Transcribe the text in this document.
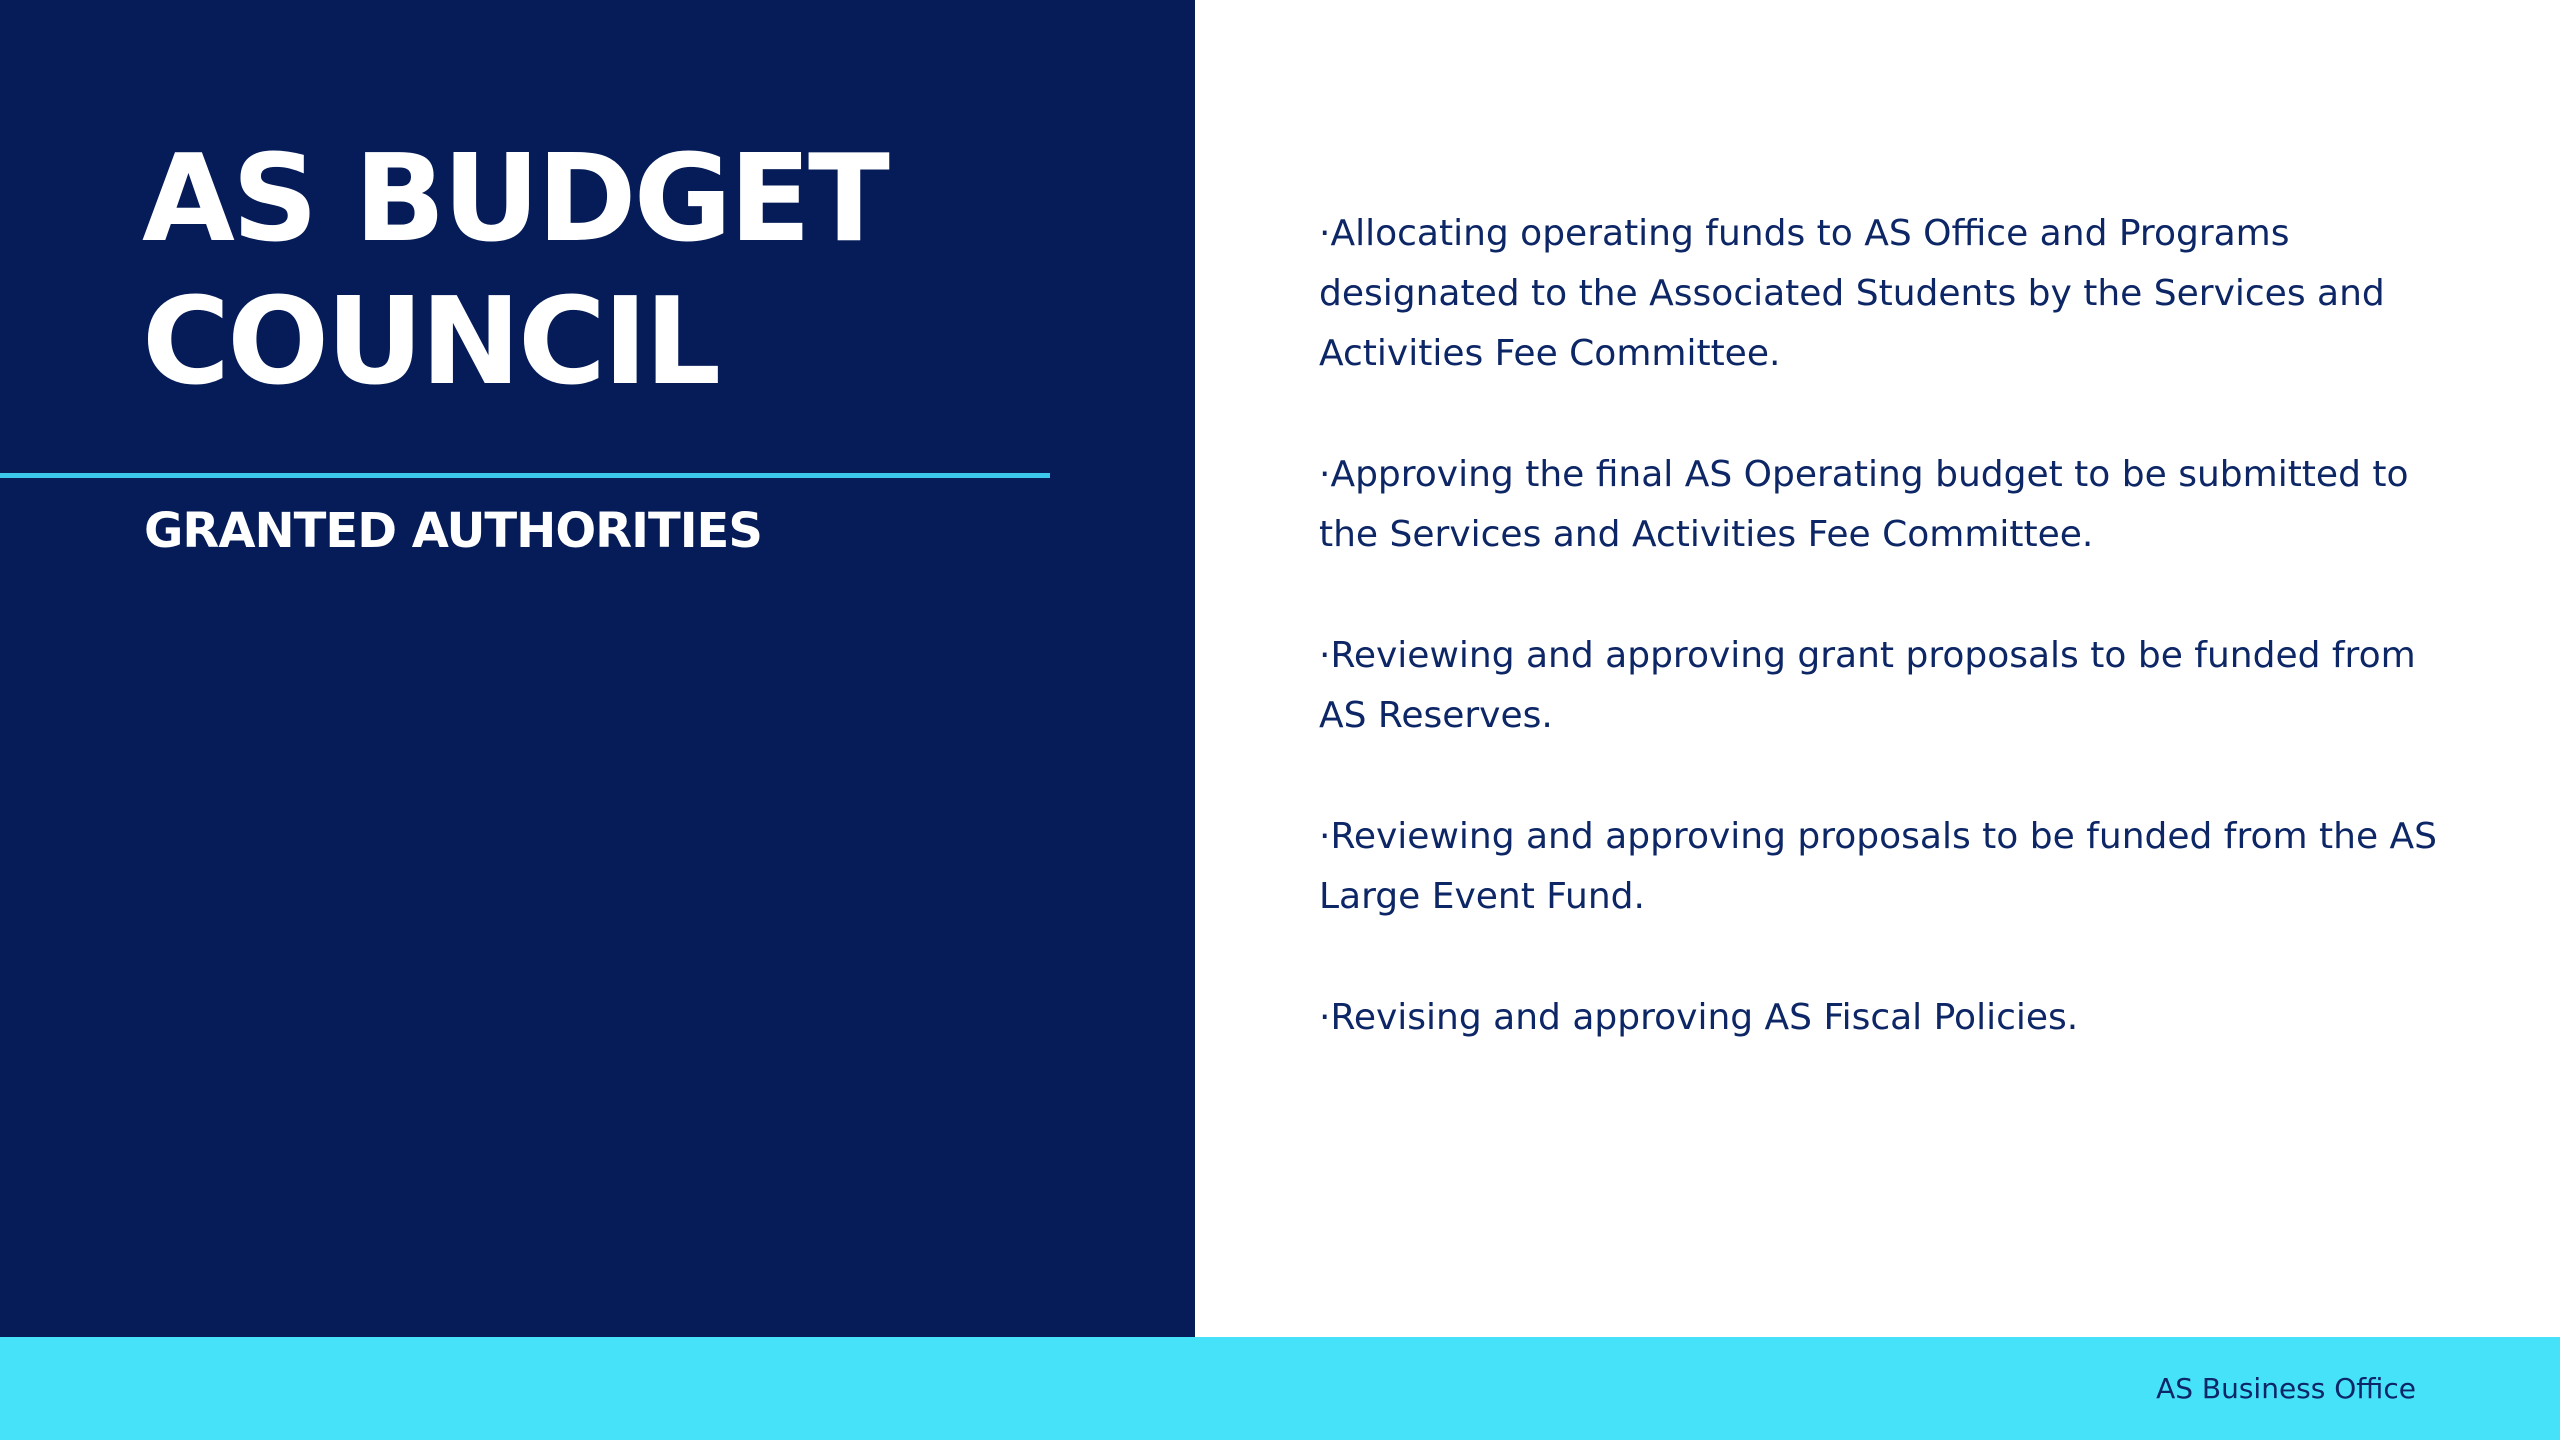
AS BUDGET
COUNCIL
GRANTED AUTHORITIES

·Allocating operating funds to AS Office and Programs designated to the Associated Students by the Services and Activities Fee Committee.

·Approving the final AS Operating budget to be submitted to the Services and Activities Fee Committee.

·Reviewing and approving grant proposals to be funded from AS Reserves.

·Reviewing and approving proposals to be funded from the AS Large Event Fund.

·Revising and approving AS Fiscal Policies.

AS Business Office
